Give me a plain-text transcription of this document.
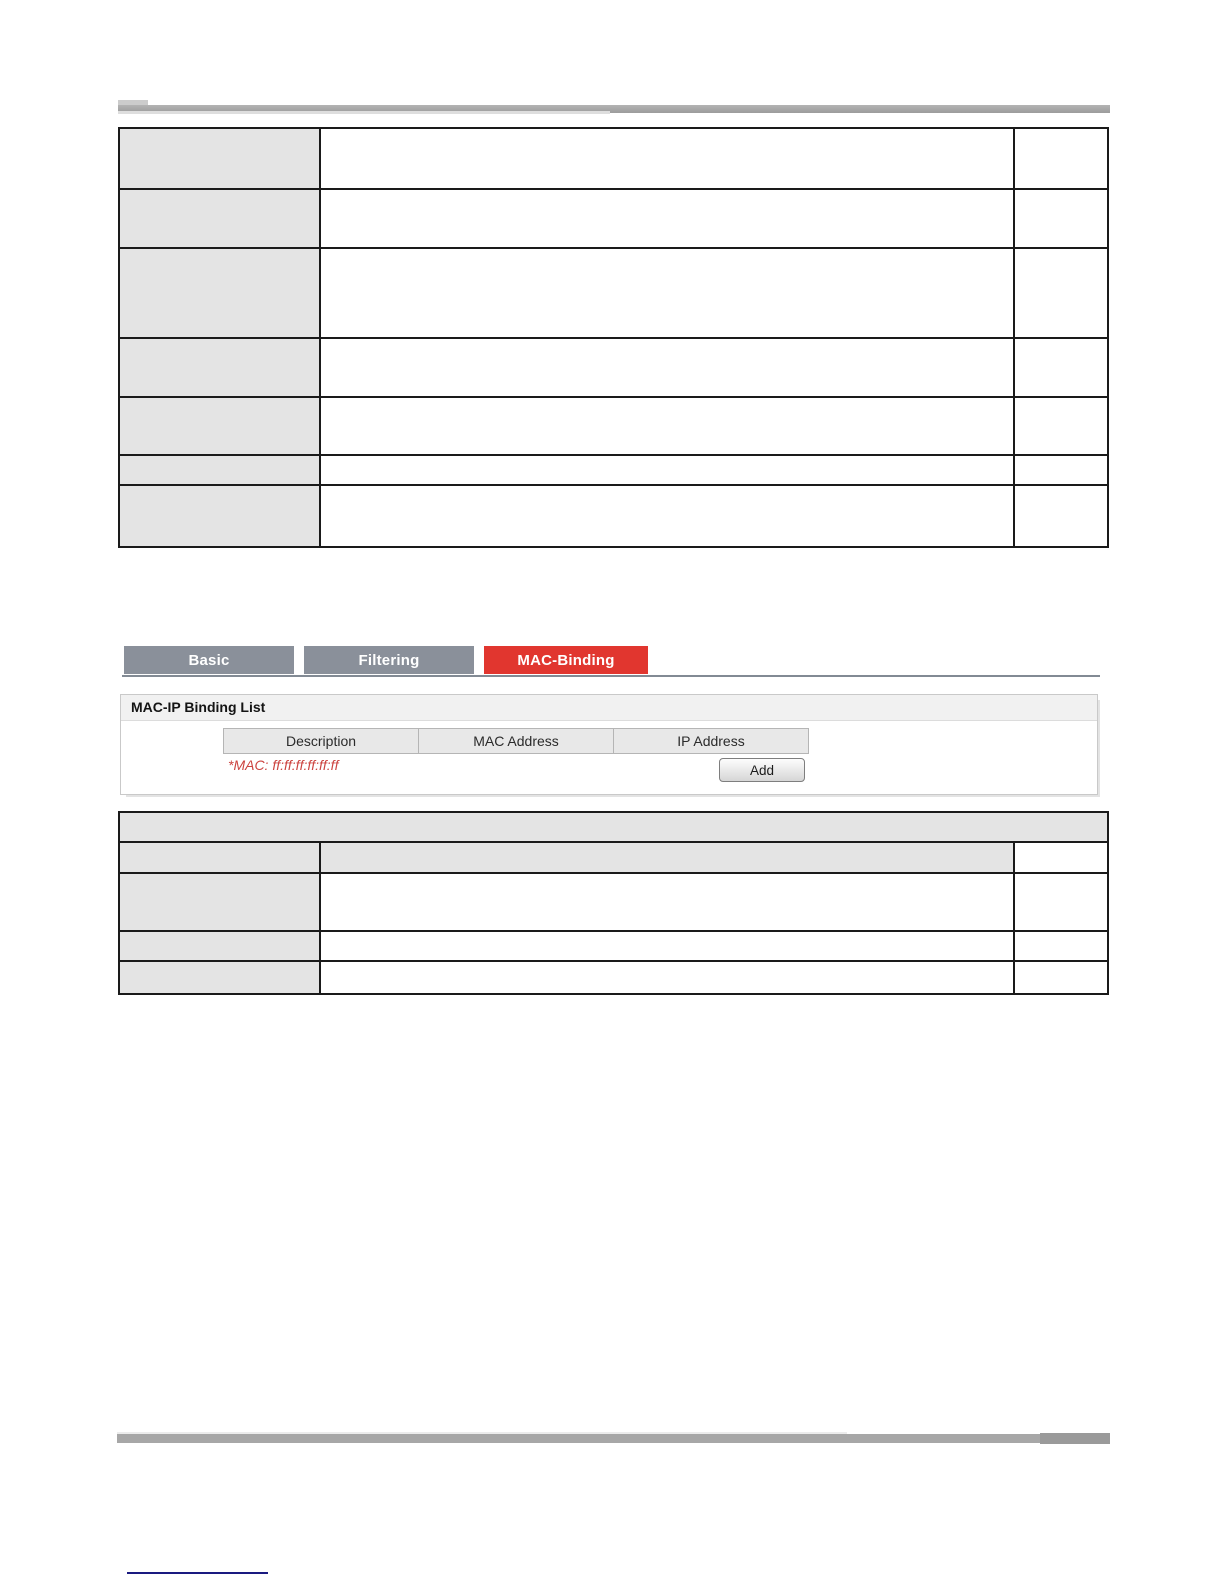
Basic	Filtering	MAC-Binding
MAC-IP Binding List
Description	MAC Address	IP Address
*MAC: ff:ff:ff:ff:ff:ff	Add
